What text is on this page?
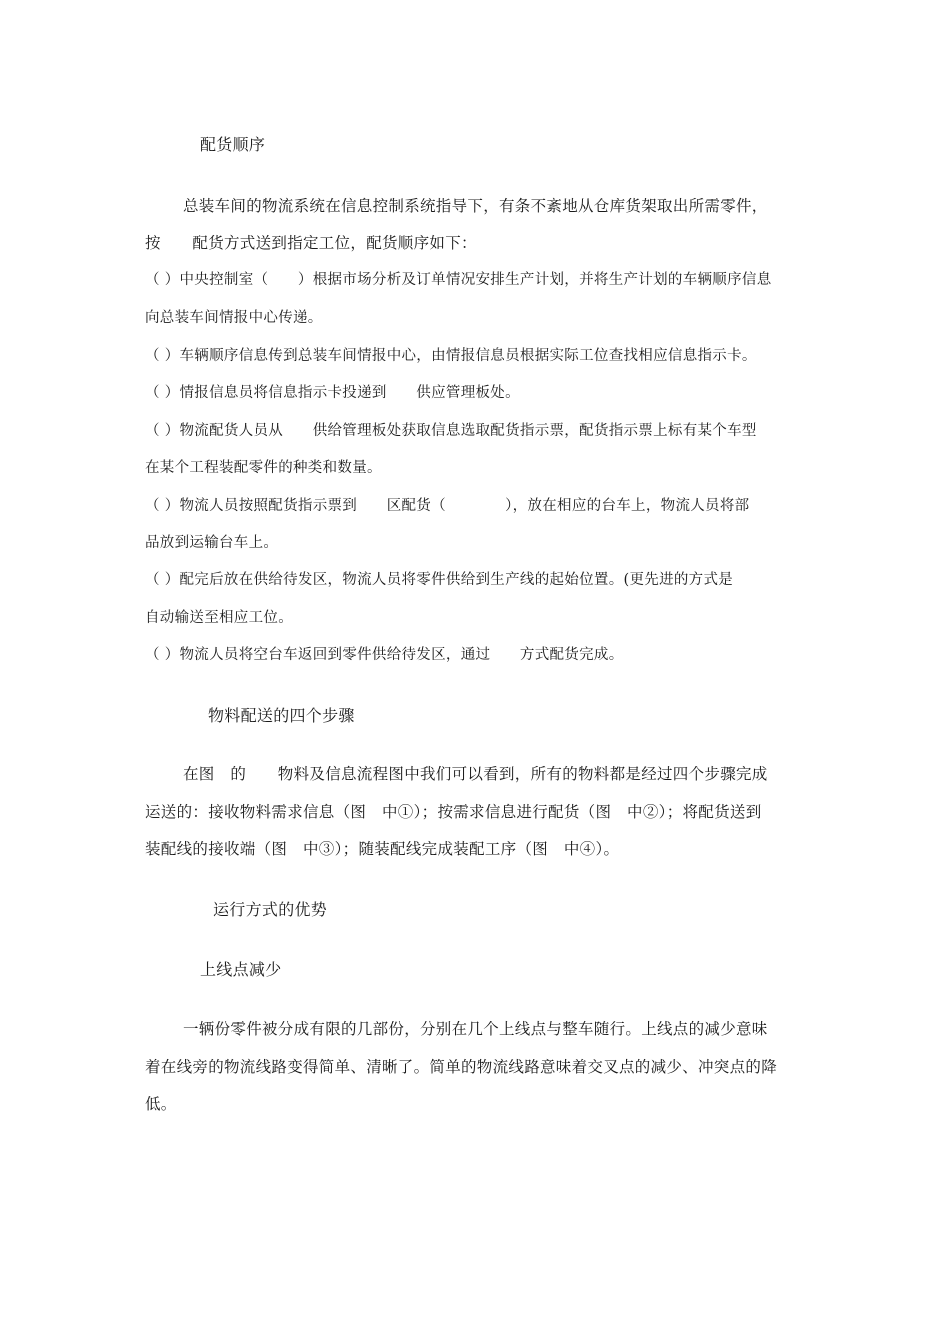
配货顺序
总装车间的物流系统在信息控制系统指导下，有条不紊地从仓库货架取出所需零件，
按　　配货方式送到指定工位，配货顺序如下：
（ ）中央控制室（　　）根据市场分析及订单情况安排生产计划，并将生产计划的车辆顺序信息
向总装车间情报中心传递。
（ ）车辆顺序信息传到总装车间情报中心，由情报信息员根据实际工位查找相应信息指示卡。
（ ）情报信息员将信息指示卡投递到　　供应管理板处。
（ ）物流配货人员从　　供给管理板处获取信息选取配货指示票，配货指示票上标有某个车型
在某个工程装配零件的种类和数量。
（ ）物流人员按照配货指示票到　　区配货（　　　　），放在相应的台车上，物流人员将部
品放到运输台车上。
（ ）配完后放在供给待发区，物流人员将零件供给到生产线的起始位置。(更先进的方式是
自动输送至相应工位。
（ ）物流人员将空台车返回到零件供给待发区，通过　　方式配货完成。
物料配送的四个步骤
在图　的　　物料及信息流程图中我们可以看到，所有的物料都是经过四个步骤完成
运送的：接收物料需求信息（图　中①）；按需求信息进行配货（图　中②）；将配货送到
装配线的接收端（图　中③）；随装配线完成装配工序（图　中④）。
运行方式的优势
上线点减少
一辆份零件被分成有限的几部份，分别在几个上线点与整车随行。上线点的减少意味
着在线旁的物流线路变得简单、清晰了。简单的物流线路意味着交叉点的减少、冲突点的降
低。
